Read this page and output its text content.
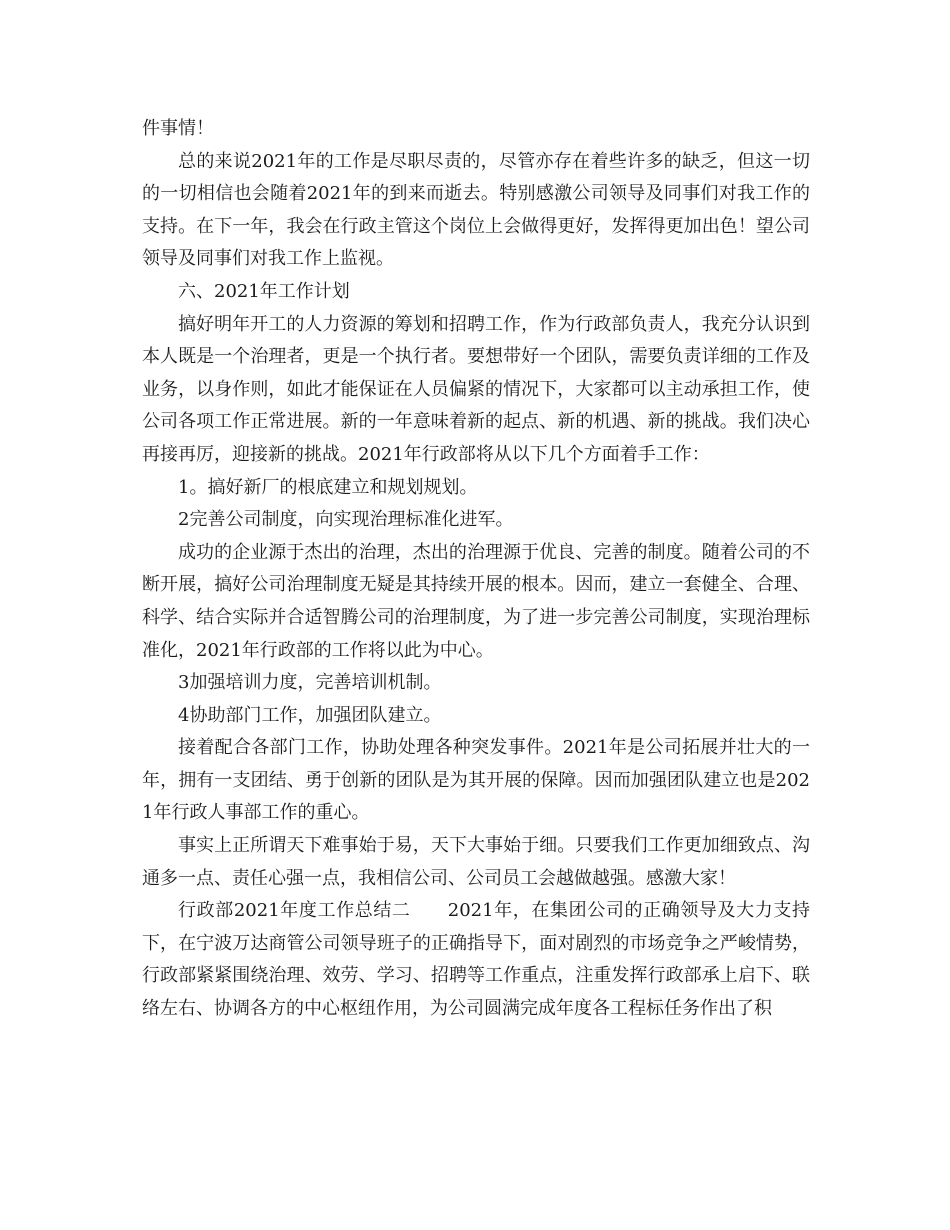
件事情！

总的来说2021年的工作是尽职尽责的，尽管亦存在着些许多的缺乏，但这一切的一切相信也会随着2021年的到来而逝去。特别感激公司领导及同事们对我工作的支持。在下一年，我会在行政主管这个岗位上会做得更好，发挥得更加出色！望公司领导及同事们对我工作上监视。

六、2021年工作计划

搞好明年开工的人力资源的筹划和招聘工作，作为行政部负责人，我充分认识到本人既是一个治理者，更是一个执行者。要想带好一个团队，需要负责详细的工作及业务，以身作则，如此才能保证在人员偏紧的情况下，大家都可以主动承担工作，使公司各项工作正常进展。新的一年意味着新的起点、新的机遇、新的挑战。我们决心再接再厉，迎接新的挑战。2021年行政部将从以下几个方面着手工作：

1。搞好新厂的根底建立和规划规划。

2完善公司制度，向实现治理标准化进军。

成功的企业源于杰出的治理，杰出的治理源于优良、完善的制度。随着公司的不断开展，搞好公司治理制度无疑是其持续开展的根本。因而，建立一套健全、合理、科学、结合实际并合适智腾公司的治理制度，为了进一步完善公司制度，实现治理标准化，2021年行政部的工作将以此为中心。

3加强培训力度，完善培训机制。

4协助部门工作，加强团队建立。

接着配合各部门工作，协助处理各种突发事件。2021年是公司拓展并壮大的一年，拥有一支团结、勇于创新的团队是为其开展的保障。因而加强团队建立也是2021年行政人事部工作的重心。

事实上正所谓天下难事始于易，天下大事始于细。只要我们工作更加细致点、沟通多一点、责任心强一点，我相信公司、公司员工会越做越强。感激大家！

行政部2021年度工作总结二　　2021年，在集团公司的正确领导及大力支持下，在宁波万达商管公司领导班子的正确指导下，面对剧烈的市场竞争之严峻情势，行政部紧紧围绕治理、效劳、学习、招聘等工作重点，注重发挥行政部承上启下、联络左右、协调各方的中心枢纽作用，为公司圆满完成年度各工程标任务作出了积
